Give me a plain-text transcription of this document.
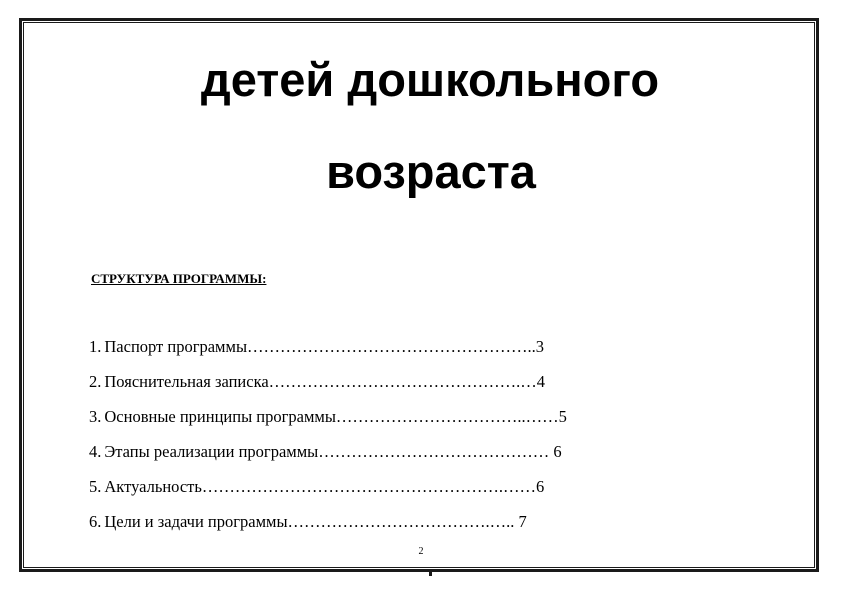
детей дошкольного
возраста
СТРУКТУРА ПРОГРАММЫ:
1. Паспорт программы……………………………………………..3
2. Пояснительная записка……………………………………….…4
3. Основные принципы программы……………………………..……5
4. Этапы реализации программы…………………………………… 6
5. Актуальность……………………………………………….……6
6. Цели и задачи программы……………………………….….. 7
2
